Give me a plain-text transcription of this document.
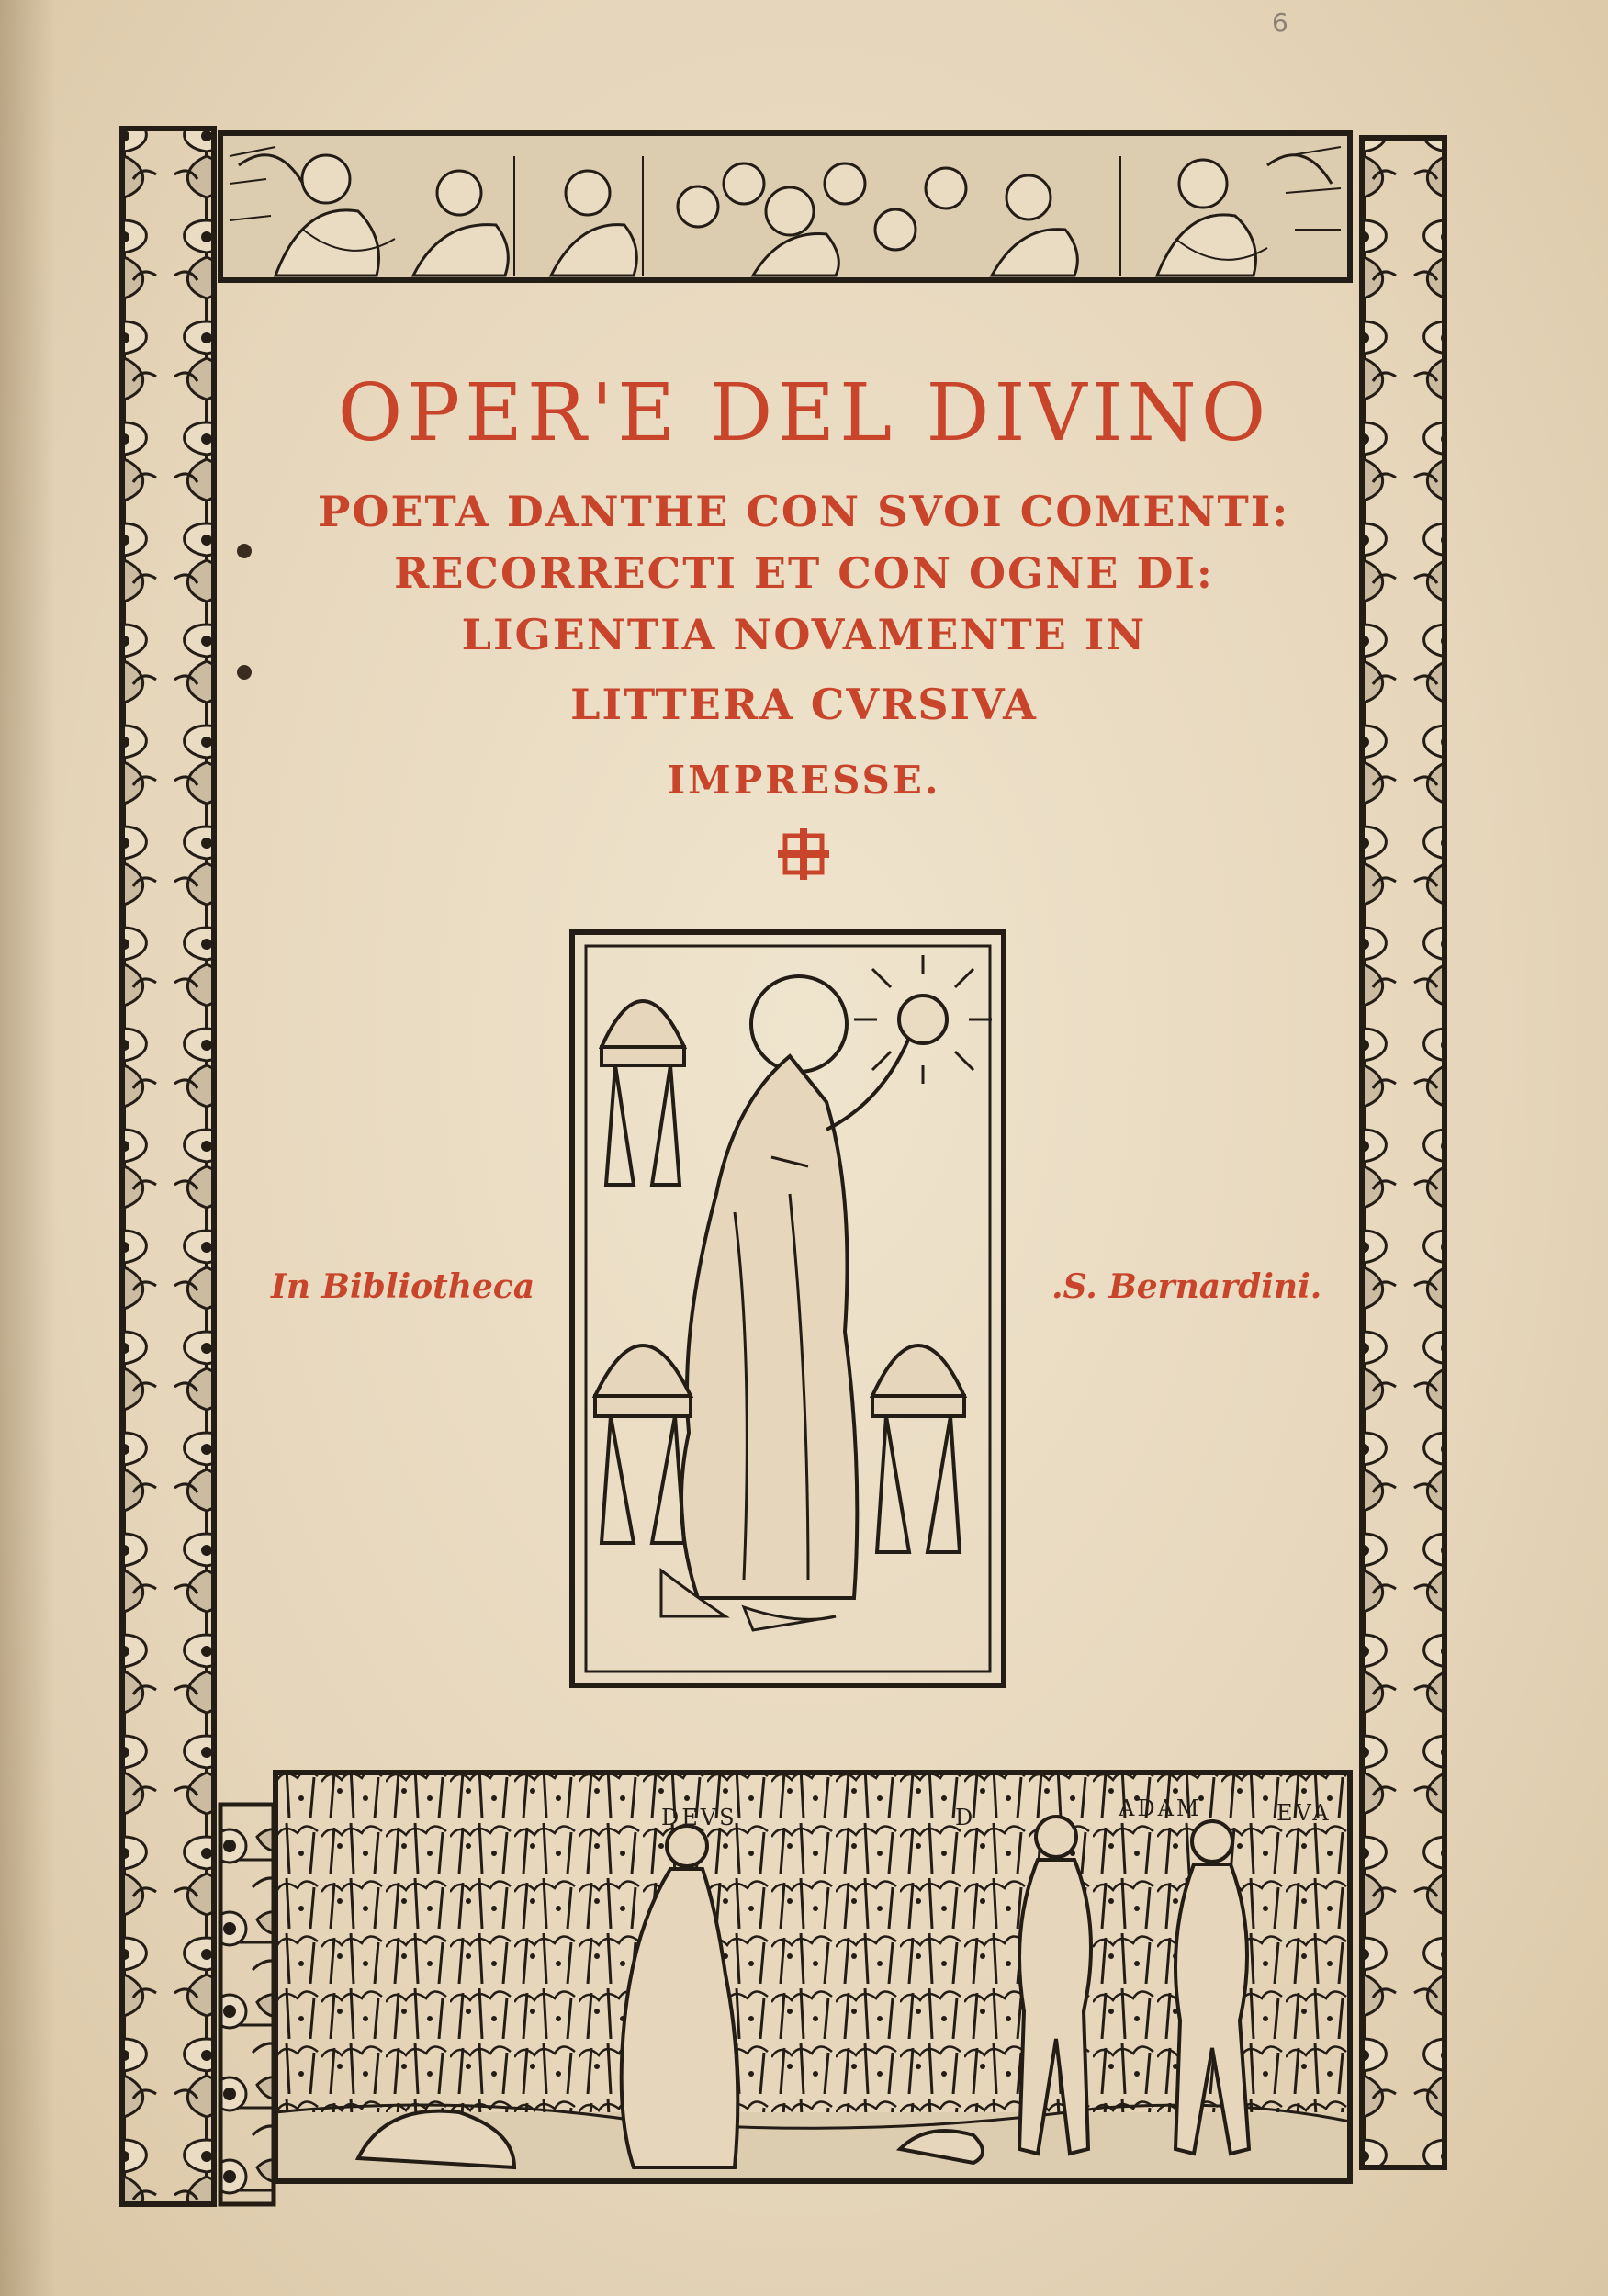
6
OPER'E DEL DIVINO
POETA DANTHE CON SVOI COMENTI:
RECORRECTI ET CON OGNE DI:
LIGENTIA NOVAMENTE IN
LITTERA CVRSIVA
IMPRESSE.
In Bibliotheca	.S. Bernardini.
DEVS	D	ADAM	EVA
